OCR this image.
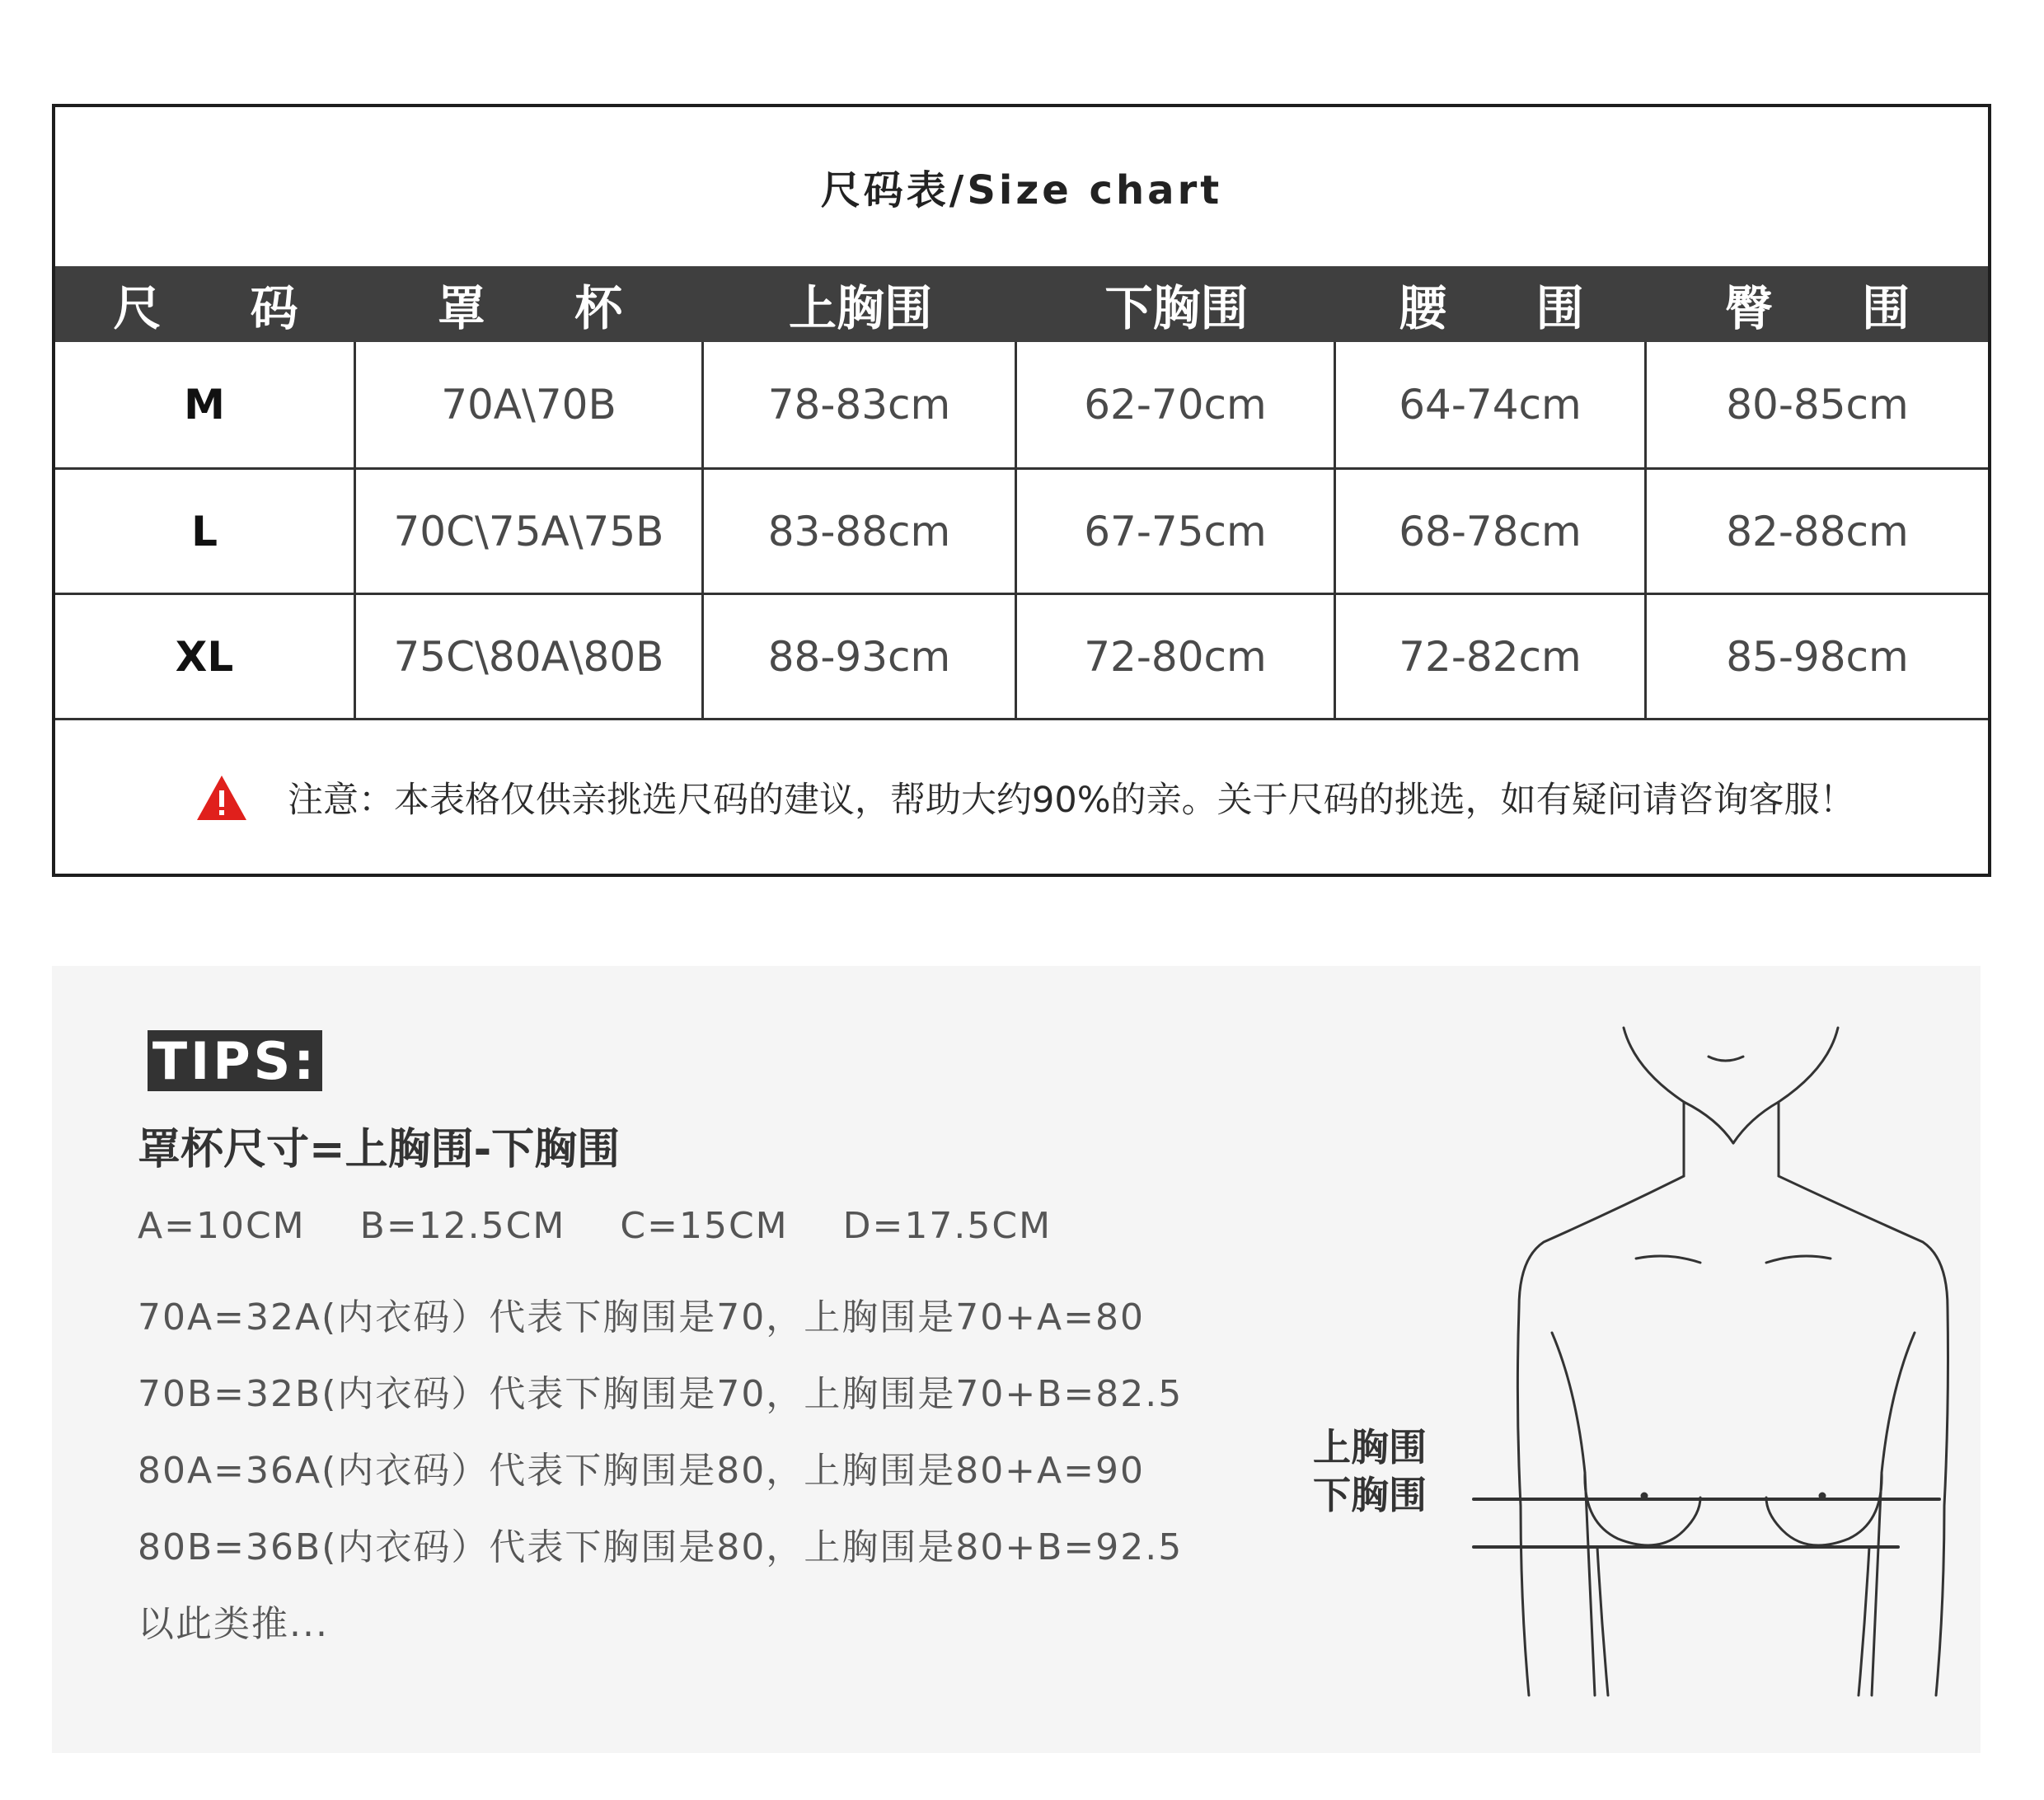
尺码表/Size chart
尺 码	罩 杯	上胸围	下胸围	腰 围	臀 围
M	70A\70B	78-83cm	62-70cm	64-74cm	80-85cm
L	70C\75A\75B	83-88cm	67-75cm	68-78cm	82-88cm
XL	75C\80A\80B	88-93cm	72-80cm	72-82cm	85-98cm
注意：本表格仅供亲挑选尺码的建议，帮助大约90%的亲。关于尺码的挑选，如有疑问请咨询客服！
TIPS:
罩杯尺寸=上胸围-下胸围
A=10CM B=12.5CM C=15CM D=17.5CM
70A=32A(内衣码）代表下胸围是70，上胸围是70+A=80
70B=32B(内衣码）代表下胸围是70，上胸围是70+B=82.5
80A=36A(内衣码）代表下胸围是80，上胸围是80+A=90
80B=36B(内衣码）代表下胸围是80，上胸围是80+B=92.5
以此类推...
上胸围
下胸围
